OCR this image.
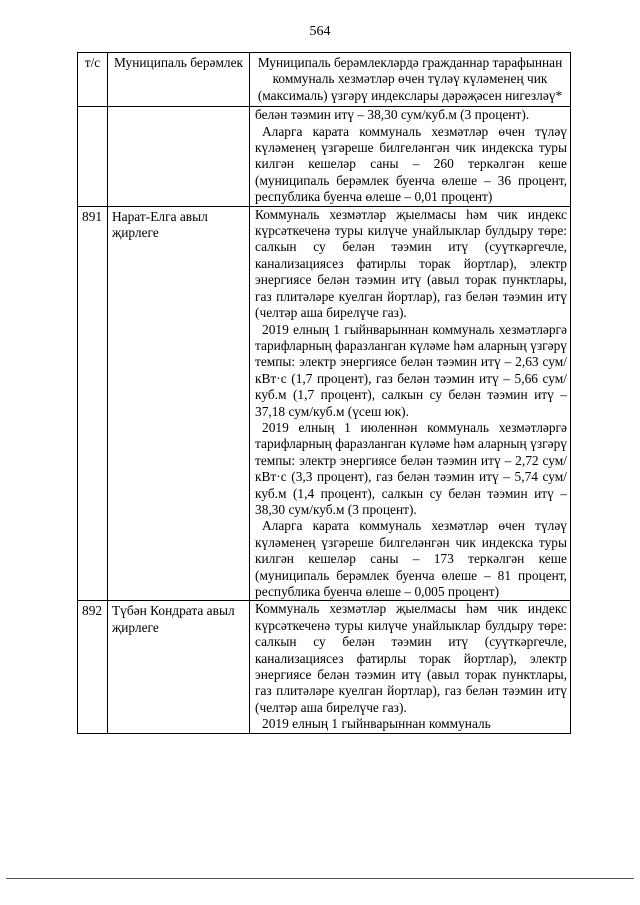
564
т/с	Муниципаль берәмлек	Муниципаль берәмлекләрдә гражданнар тарафыннан коммуналь хезмәтләр өчен түләү күләменең чик (максималь) үзгәрү индекслары дәрәҗәсен нигезләү*

		белән тәэмин итү – 38,30 сум/куб.м (3 процент).
Аларга карата коммуналь хезмәтләр өчен түләү күләменең үзгәреше билгеләнгән чик индекска туры килгән кешеләр саны – 260 теркәлгән кеше (муниципаль берәмлек буенча өлеше – 36 процент, республика буенча өлеше – 0,01 процент)

891	Нарат-Елга авыл җирлеге	Коммуналь хезмәтләр җыелмасы һәм чик индекс күрсәткеченә туры килүче унайлыклар булдыру төре: салкын су белән тәэмин итү (суүткәргечле, канализациясез фатирлы торак йортлар), электр энергиясе белән тәэмин итү (авыл торак пунктлары, газ плитәләре куелган йортлар), газ белән тәэмин итү (челтәр аша бирелүче газ).
2019 елның 1 гыйнварыннан коммуналь хезмәтләргә тарифларның фаразланган күләме һәм аларның үзгәрү темпы: электр энергиясе белән тәэмин итү – 2,63 сум/кВт·с (1,7 процент), газ белән тәэмин итү – 5,66 сум/куб.м (1,7 процент), салкын су белән тәэмин итү – 37,18 сум/куб.м (үсеш юк).
2019 елның 1 июленнән коммуналь хезмәтләргә тарифларның фаразланган күләме һәм аларның үзгәрү темпы: электр энергиясе белән тәэмин итү – 2,72 сум/кВт·с (3,3 процент), газ белән тәэмин итү – 5,74 сум/куб.м (1,4 процент), салкын су белән тәэмин итү – 38,30 сум/куб.м (3 процент).
Аларга карата коммуналь хезмәтләр өчен түләү күләменең үзгәреше билгеләнгән чик индекска туры килгән кешеләр саны – 173 теркәлгән кеше (муниципаль берәмлек буенча өлеше – 81 процент, республика буенча өлеше – 0,005 процент)

892	Түбән Кондрата авыл җирлеге	Коммуналь хезмәтләр җыелмасы һәм чик индекс күрсәткеченә туры килүче унайлыклар булдыру төре: салкын су белән тәэмин итү (суүткәргечле, канализациясез фатирлы торак йортлар), электр энергиясе белән тәэмин итү (авыл торак пунктлары, газ плитәләре куелган йортлар), газ белән тәэмин итү (челтәр аша бирелүче газ).
2019 елның 1 гыйнварыннан коммуналь
